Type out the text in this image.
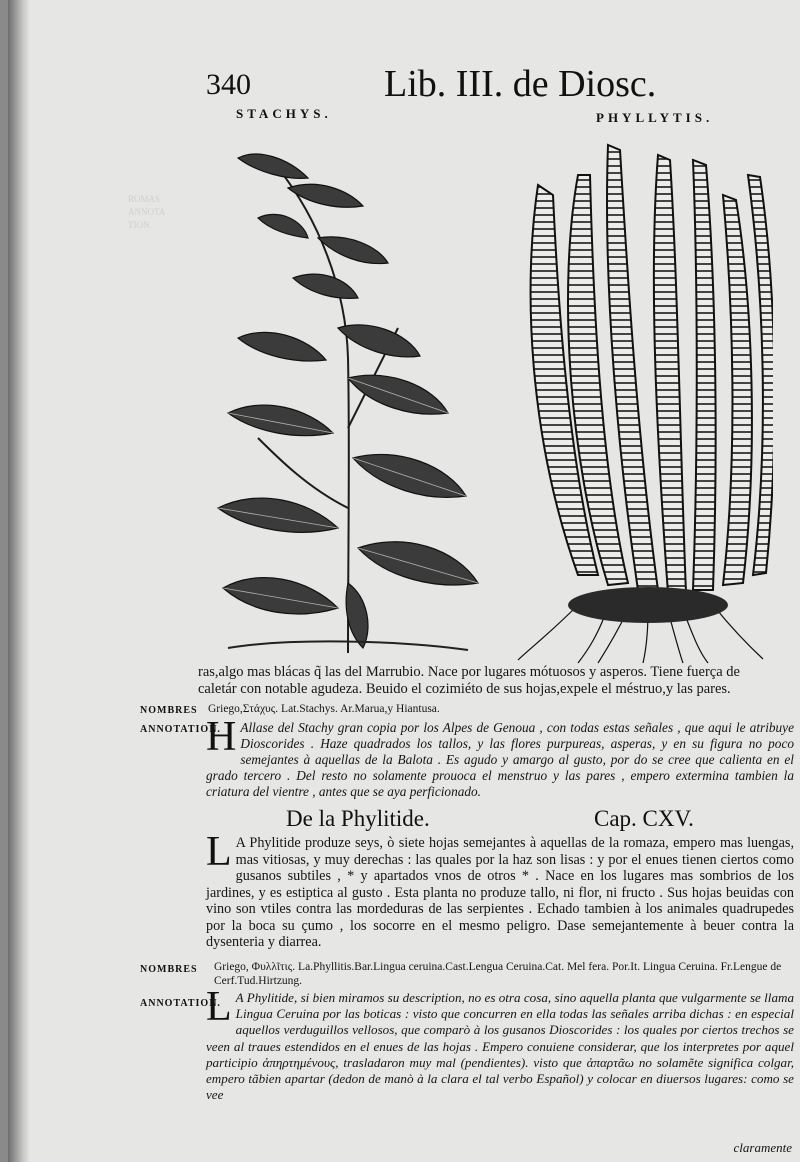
ROMAS
ANNOTA
TION.
340	Lib. III. de Diosc.
STACHYS.	PHYLLYTIS.
ras,algo mas blácas q̃ las del Marrubio. Nace por lugares mótuosos y asperos. Tiene fuerça de
caletár con notable agudeza. Beuido el cozimiéto de sus hojas,expele el méstruo,y las pares.
NOMBRES Griego,Στάχυς. Lat.Stachys. Ar.Marua,y Hiantusa.
ANNOTATION.
H Allase del Stachy gran copia por los Alpes de Genoua , con todas estas señales , que aqui le atribuye Dioscorides . Haze quadrados los tallos, y las flores purpureas, asperas, y en su figura no poco semejantes à aquellas de la Balota . Es agudo y amargo al gusto, por do se cree que calienta en el grado tercero . Del resto no solamente prouoca el menstruo y las pares , empero extermina tambien la criatura del vientre , antes que se aya perficionado.
De la Phylitide.	Cap. CXV.
L A Phylitide produze seys, ò siete hojas semejantes à aquellas de la romaza, empero mas luengas, mas vitiosas, y muy derechas : las quales por la haz son lisas : y por el enues tienen ciertos como gusanos subtiles , * y apartados vnos de otros * . Nace en los lugares mas sombrios de los jardines, y es estiptica al gusto . Esta planta no produze tallo, ni flor, ni fructo . Sus hojas beuidas con vino son vtiles contra las mordeduras de las serpientes . Echado tambien à los animales quadrupedes por la boca su çumo , los socorre en el mesmo peligro. Dase semejantemente à beuer contra la dysenteria y diarrea.
NOMBRES	Griego, Φυλλῖτις. La.Phyllitis.Bar.Lingua ceruina.Cast.Lengua Ceruina.Cat. Mel fera. Por.It. Lingua Ceruina. Fr.Lengue de Cerf.Tud.Hirtzung.
ANNOTATION.
L A Phylitide, si bien miramos su description, no es otra cosa, sino aquella planta que vulgarmente se llama Lingua Ceruina por las boticas : visto que concurren en ella todas las señales arriba dichas : en especial aquellos verduguillos vellosos, que comparò à los gusanos Dioscorides : los quales por ciertos trechos se veen al traues estendidos en el enues de las hojas . Empero conuiene considerar, que los interpretes por aquel participio ἀπηρτημένους, trasladaron muy mal (pendientes). visto que ἀπαρτᾶω no solamẽte significa colgar, empero tãbien apartar (dedon de manò à la clara el tal verbo Español) y colocar en diuersos lugares: como se vee
claramente
